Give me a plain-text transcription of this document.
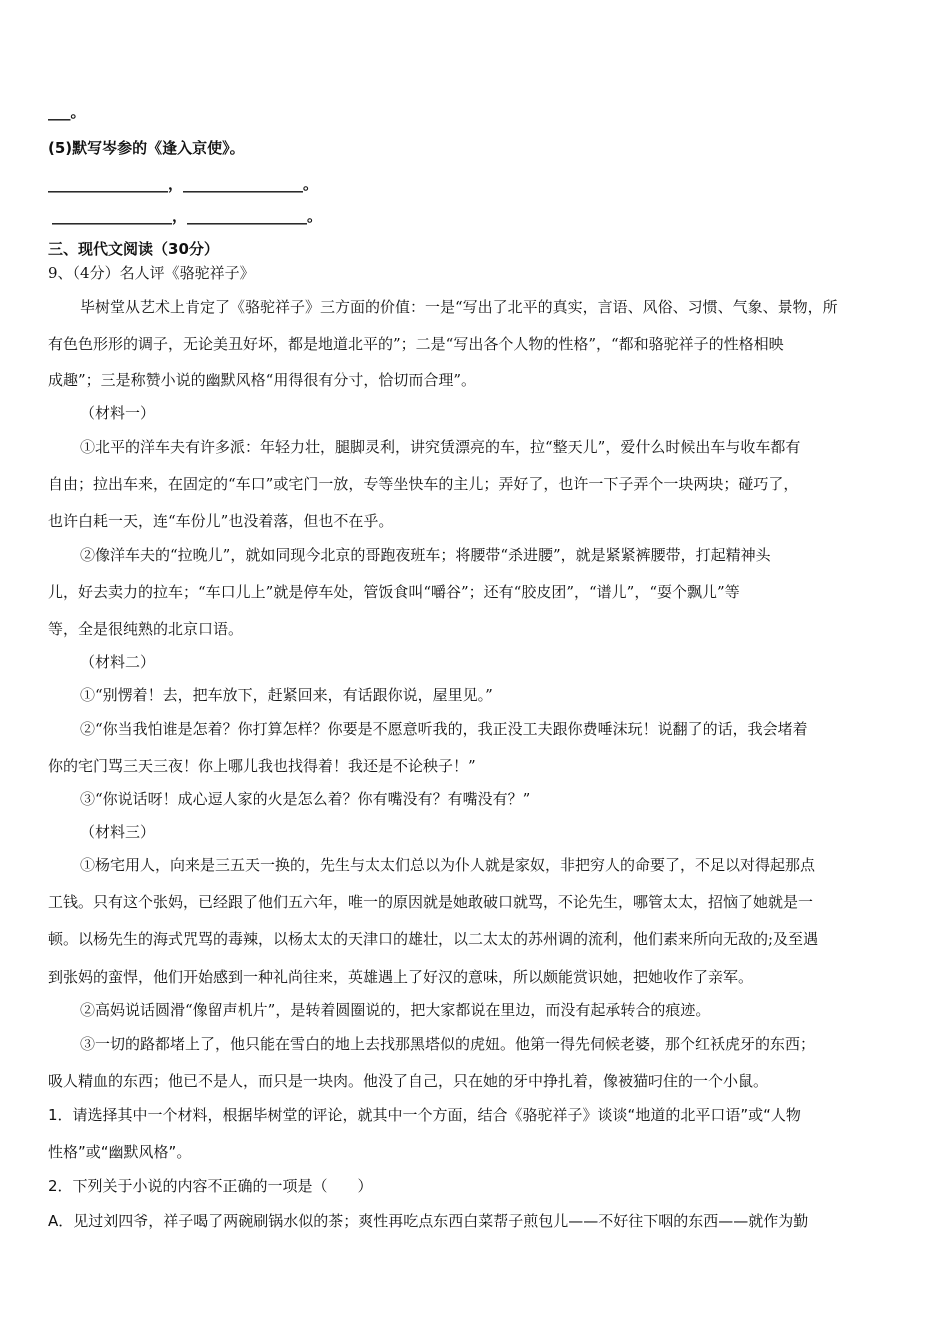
___。
(5)默写岑参的《逢入京使》。
________________，________________。
________________，________________。
三、现代文阅读（30分）
9、（4分）名人评《骆驼祥子》
毕树堂从艺术上肯定了《骆驼祥子》三方面的价值：一是“写出了北平的真实，言语、风俗、习惯、气象、景物，所
有色色形形的调子，无论美丑好坏，都是地道北平的”；二是“写出各个人物的性格”，“都和骆驼祥子的性格相映
成趣”；三是称赞小说的幽默风格“用得很有分寸，恰切而合理”。
（材料一）
①北平的洋车夫有许多派：年轻力壮，腿脚灵利，讲究赁漂亮的车，拉“整天儿”，爱什么时候出车与收车都有
自由；拉出车来，在固定的“车口”或宅门一放，专等坐快车的主儿；弄好了，也许一下子弄个一块两块；碰巧了，
也许白耗一天，连“车份儿”也没着落，但也不在乎。
②像洋车夫的“拉晚儿”，就如同现今北京的哥跑夜班车；将腰带“杀进腰”，就是紧紧裤腰带，打起精神头
儿，好去卖力的拉车；“车口儿上”就是停车处，管饭食叫“嚼谷”；还有“胶皮团”，“谱儿”，“耍个飘儿”等
等，全是很纯熟的北京口语。
（材料二）
①“别愣着！去，把车放下，赶紧回来，有话跟你说，屋里见。”
②“你当我怕谁是怎着？你打算怎样？你要是不愿意听我的，我正没工夫跟你费唾沫玩！说翻了的话，我会堵着
你的宅门骂三天三夜！你上哪儿我也找得着！我还是不论秧子！”
③“你说话呀！成心逗人家的火是怎么着？你有嘴没有？有嘴没有？”
（材料三）
①杨宅用人，向来是三五天一换的，先生与太太们总以为仆人就是家奴，非把穷人的命要了，不足以对得起那点
工钱。只有这个张妈，已经跟了他们五六年，唯一的原因就是她敢破口就骂，不论先生，哪管太太，招恼了她就是一
顿。以杨先生的海式咒骂的毒辣，以杨太太的天津口的雄壮，以二太太的苏州调的流利，他们素来所向无敌的;及至遇
到张妈的蛮悍，他们开始感到一种礼尚往来，英雄遇上了好汉的意味，所以颇能赏识她，把她收作了亲军。
②高妈说话圆滑“像留声机片”，是转着圆圈说的，把大家都说在里边，而没有起承转合的痕迹。
③一切的路都堵上了，他只能在雪白的地上去找那黑塔似的虎妞。他第一得先伺候老婆，那个红袄虎牙的东西；
吸人精血的东西；他已不是人，而只是一块肉。他没了自己，只在她的牙中挣扎着，像被猫叼住的一个小鼠。
1．请选择其中一个材料，根据毕树堂的评论，就其中一个方面，结合《骆驼祥子》谈谈“地道的北平口语”或“人物
性格”或“幽默风格”。
2．下列关于小说的内容不正确的一项是（　　）
A．见过刘四爷，祥子喝了两碗刷锅水似的茶；爽性再吃点东西白菜帮子煎包儿——不好往下咽的东西——就作为勤
